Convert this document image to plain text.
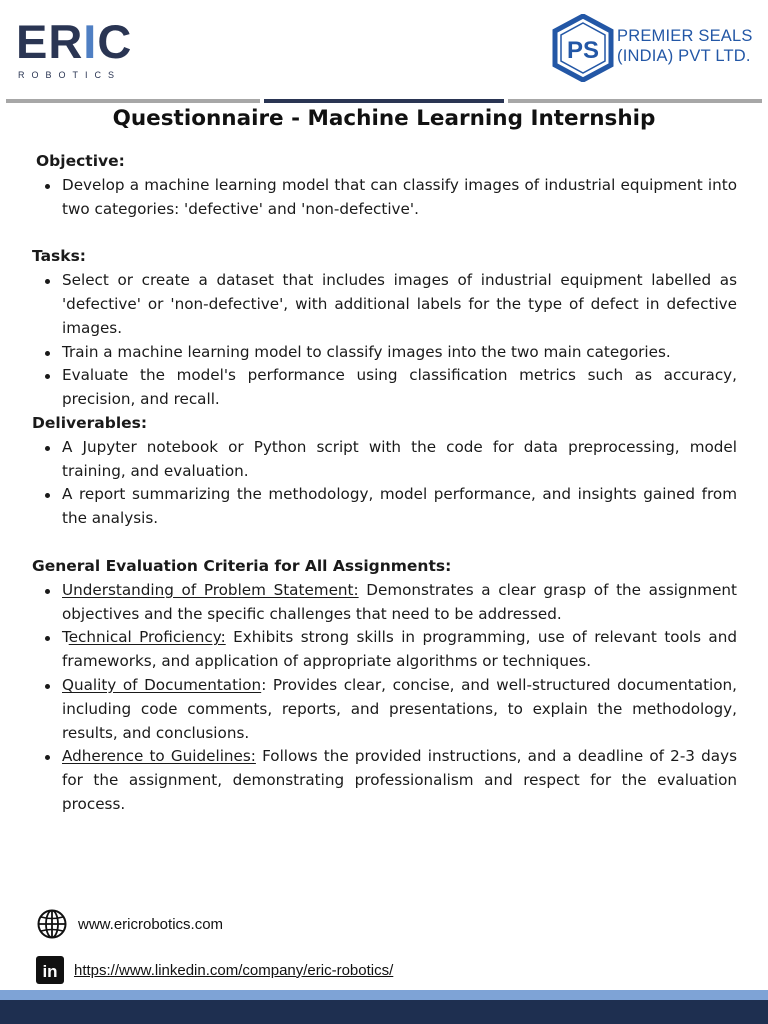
ERIC
ROBOTICS
PS
PREMIER SEALS
(INDIA) PVT LTD.
Questionnaire - Machine Learning Internship

Objective:

Develop a machine learning model that can classify images of industrial equipment into two categories: 'defective' and 'non-defective'.

Tasks:

Select or create a dataset that includes images of industrial equipment labelled as 'defective' or 'non-defective', with additional labels for the type of defect in defective images.
Train a machine learning model to classify images into the two main categories.
Evaluate the model's performance using classification metrics such as accuracy, precision, and recall.

Deliverables:

A Jupyter notebook or Python script with the code for data preprocessing, model training, and evaluation.
A report summarizing the methodology, model performance, and insights gained from the analysis.

General Evaluation Criteria for All Assignments:

Understanding of Problem Statement: Demonstrates a clear grasp of the assignment objectives and the specific challenges that need to be addressed.
Technical Proficiency: Exhibits strong skills in programming, use of relevant tools and frameworks, and application of appropriate algorithms or techniques.
Quality of Documentation: Provides clear, concise, and well-structured documentation, including code comments, reports, and presentations, to explain the methodology, results, and conclusions.
Adherence to Guidelines: Follows the provided instructions, and a deadline of 2-3 days for the assignment, demonstrating professionalism and respect for the evaluation process.
www.ericrobotics.com
in https://www.linkedin.com/company/eric-robotics/
